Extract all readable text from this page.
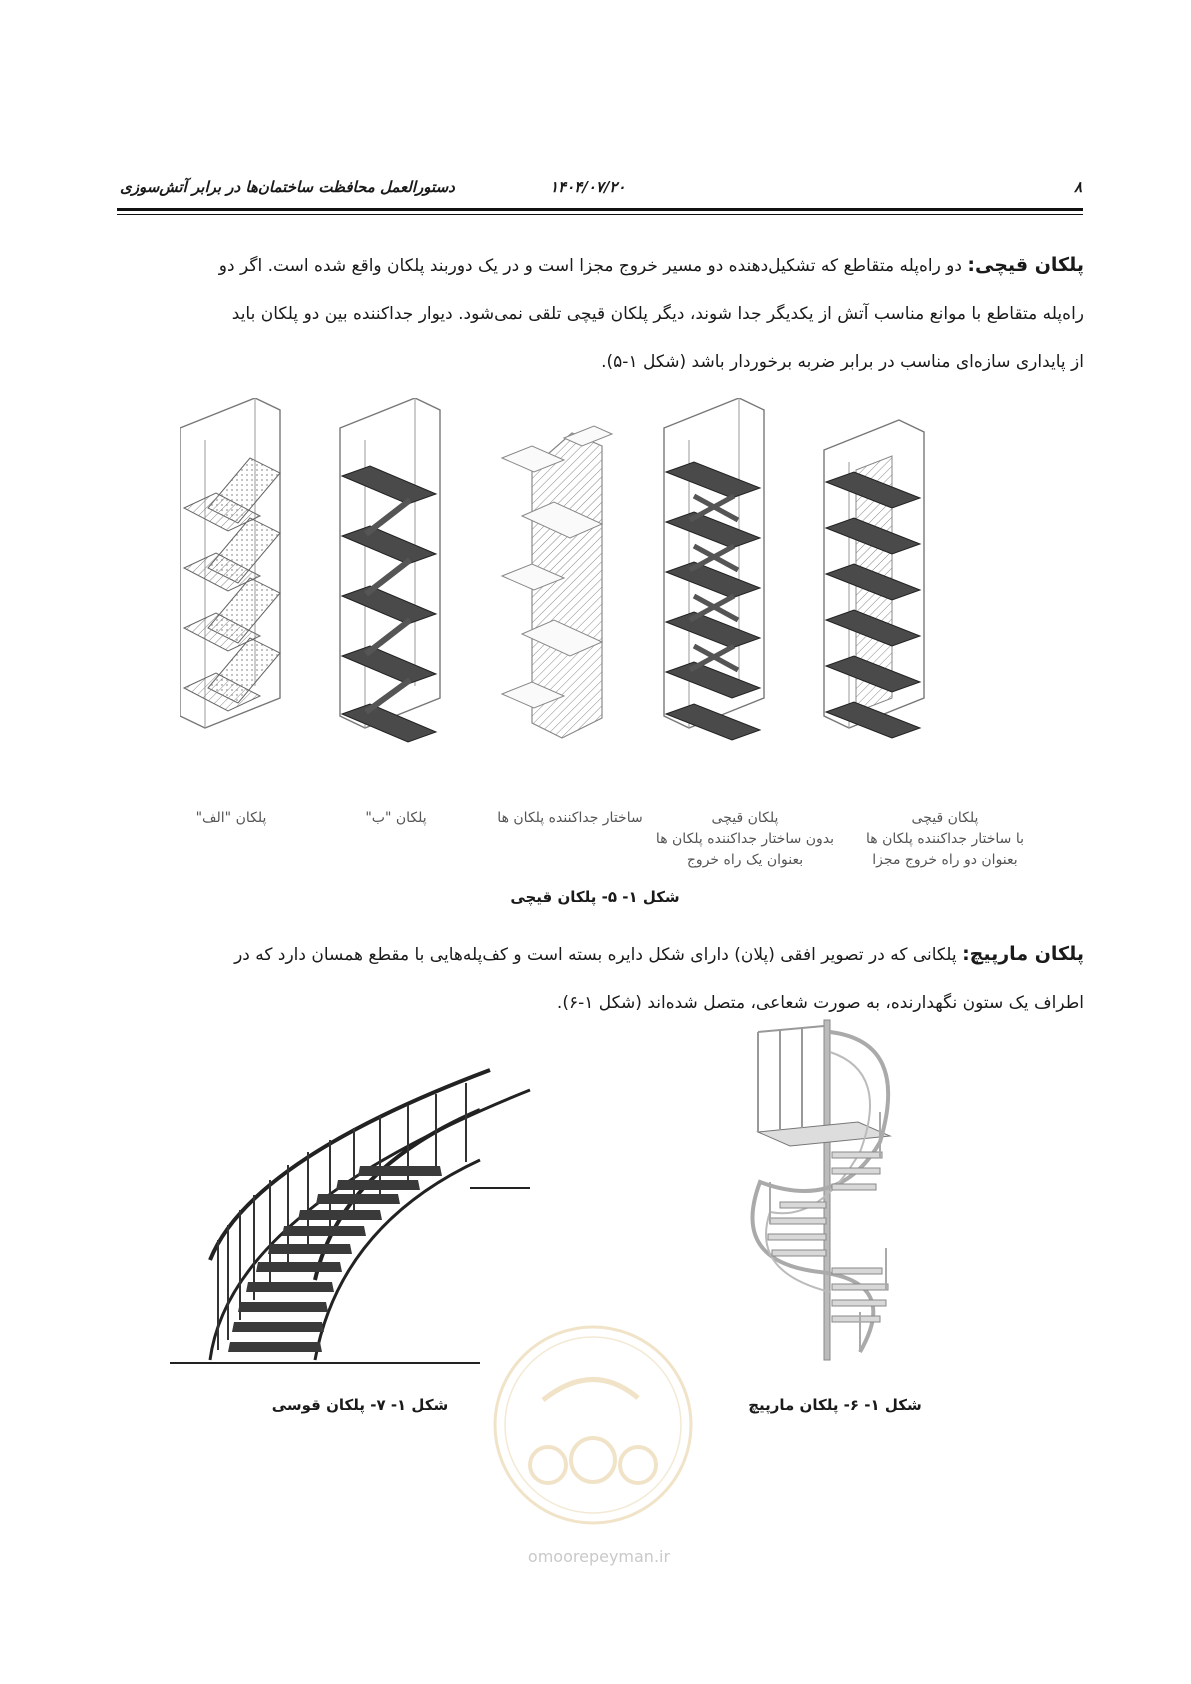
۸
۱۴۰۴/۰۷/۲۰
دستورالعمل محافظت ساختمان‌ها در برابر آتش‌سوزی
پلکان قیچی: دو راه‌پله متقاطع که تشکیل‌دهنده دو مسیر خروج مجزا است و در یک دوربند پلکان واقع شده است. اگر دو
راه‌پله متقاطع با موانع مناسب آتش از یکدیگر جدا شوند، دیگر پلکان قیچی تلقی نمی‌شود. دیوار جداکننده بین دو پلکان باید
از پایداری سازه‌ای مناسب در برابر ضربه برخوردار باشد (شکل ۱-۵).
پلکان "الف"	پلکان "ب"	ساختار جداکننده پلکان ها	پلکان قیچی
بدون ساختار جداکننده پلکان ها
بعنوان یک راه خروج
پلکان قیچی
با ساختار جداکننده پلکان ها
بعنوان دو راه خروج مجزا
شکل ۱- ۵- پلکان قیچی
پلکان مارپیچ: پلکانی که در تصویر افقی (پلان) دارای شکل دایره بسته است و کف‌پله‌هایی با مقطع همسان دارد که در
اطراف یک ستون نگهدارنده، به صورت شعاعی، متصل شده‌اند (شکل ۱-۶).
omoorepeyman.ir
شکل ۱- ۷- پلکان قوسی	شکل ۱- ۶- پلکان مارپیچ
